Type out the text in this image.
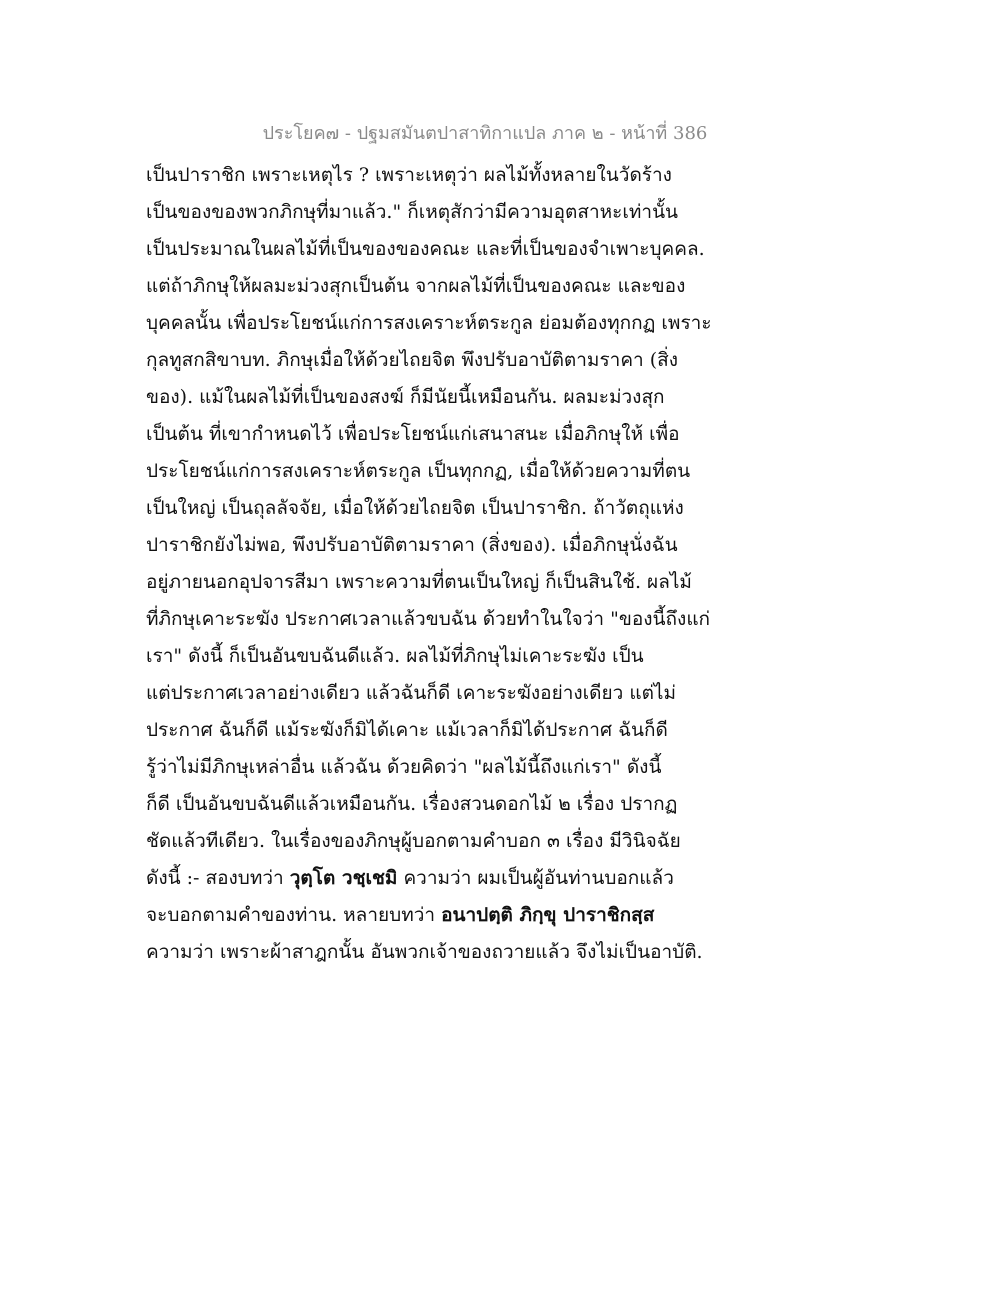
ประโยค๗ - ปฐมสมันตปาสาทิกาแปล ภาค ๒ - หน้าที่ 386
เป็นปาราชิก เพราะเหตุไร ? เพราะเหตุว่า ผลไม้ทั้งหลายในวัดร้าง
เป็นของของพวกภิกษุที่มาแล้ว." ก็เหตุสักว่ามีความอุตสาหะเท่านั้น
เป็นประมาณในผลไม้ที่เป็นของของคณะ และที่เป็นของจำเพาะบุคคล.
แต่ถ้าภิกษุให้ผลมะม่วงสุกเป็นต้น จากผลไม้ที่เป็นของคณะ และของ
บุคคลนั้น เพื่อประโยชน์แก่การสงเคราะห์ตระกูล ย่อมต้องทุกกฏ เพราะ
กุลทูสกสิขาบท. ภิกษุเมื่อให้ด้วยไถยจิต พึงปรับอาบัติตามราคา (สิ่ง
ของ). แม้ในผลไม้ที่เป็นของสงฆ์ ก็มีนัยนี้เหมือนกัน. ผลมะม่วงสุก
เป็นต้น ที่เขากำหนดไว้ เพื่อประโยชน์แก่เสนาสนะ เมื่อภิกษุให้ เพื่อ
ประโยชน์แก่การสงเคราะห์ตระกูล เป็นทุกกฏ, เมื่อให้ด้วยความที่ตน
เป็นใหญ่ เป็นถุลลัจจัย, เมื่อให้ด้วยไถยจิต เป็นปาราชิก. ถ้าวัตถุแห่ง
ปาราชิกยังไม่พอ, พึงปรับอาบัติตามราคา (สิ่งของ). เมื่อภิกษุนั่งฉัน
อยู่ภายนอกอุปจารสีมา เพราะความที่ตนเป็นใหญ่ ก็เป็นสินใช้. ผลไม้
ที่ภิกษุเคาะระฆัง ประกาศเวลาแล้วขบฉัน ด้วยทำในใจว่า "ของนี้ถึงแก่
เรา" ดังนี้ ก็เป็นอันขบฉันดีแล้ว. ผลไม้ที่ภิกษุไม่เคาะระฆัง เป็น
แต่ประกาศเวลาอย่างเดียว แล้วฉันก็ดี เคาะระฆังอย่างเดียว แต่ไม่
ประกาศ ฉันก็ดี แม้ระฆังก็มิได้เคาะ แม้เวลาก็มิได้ประกาศ ฉันก็ดี
รู้ว่าไม่มีภิกษุเหล่าอื่น แล้วฉัน ด้วยคิดว่า "ผลไม้นี้ถึงแก่เรา" ดังนี้
ก็ดี เป็นอันขบฉันดีแล้วเหมือนกัน. เรื่องสวนดอกไม้ ๒ เรื่อง ปรากฏ
ชัดแล้วทีเดียว. ในเรื่องของภิกษุผู้บอกตามคำบอก ๓ เรื่อง มีวินิจฉัย
ดังนี้ :- สองบทว่า วุตฺโต วชฺเชมิ ความว่า ผมเป็นผู้อันท่านบอกแล้ว
จะบอกตามคำของท่าน. หลายบทว่า อนาปตฺติ ภิกฺขุ ปาราชิกสฺส
ความว่า เพราะผ้าสาฎกนั้น อันพวกเจ้าของถวายแล้ว จึงไม่เป็นอาบัติ.
